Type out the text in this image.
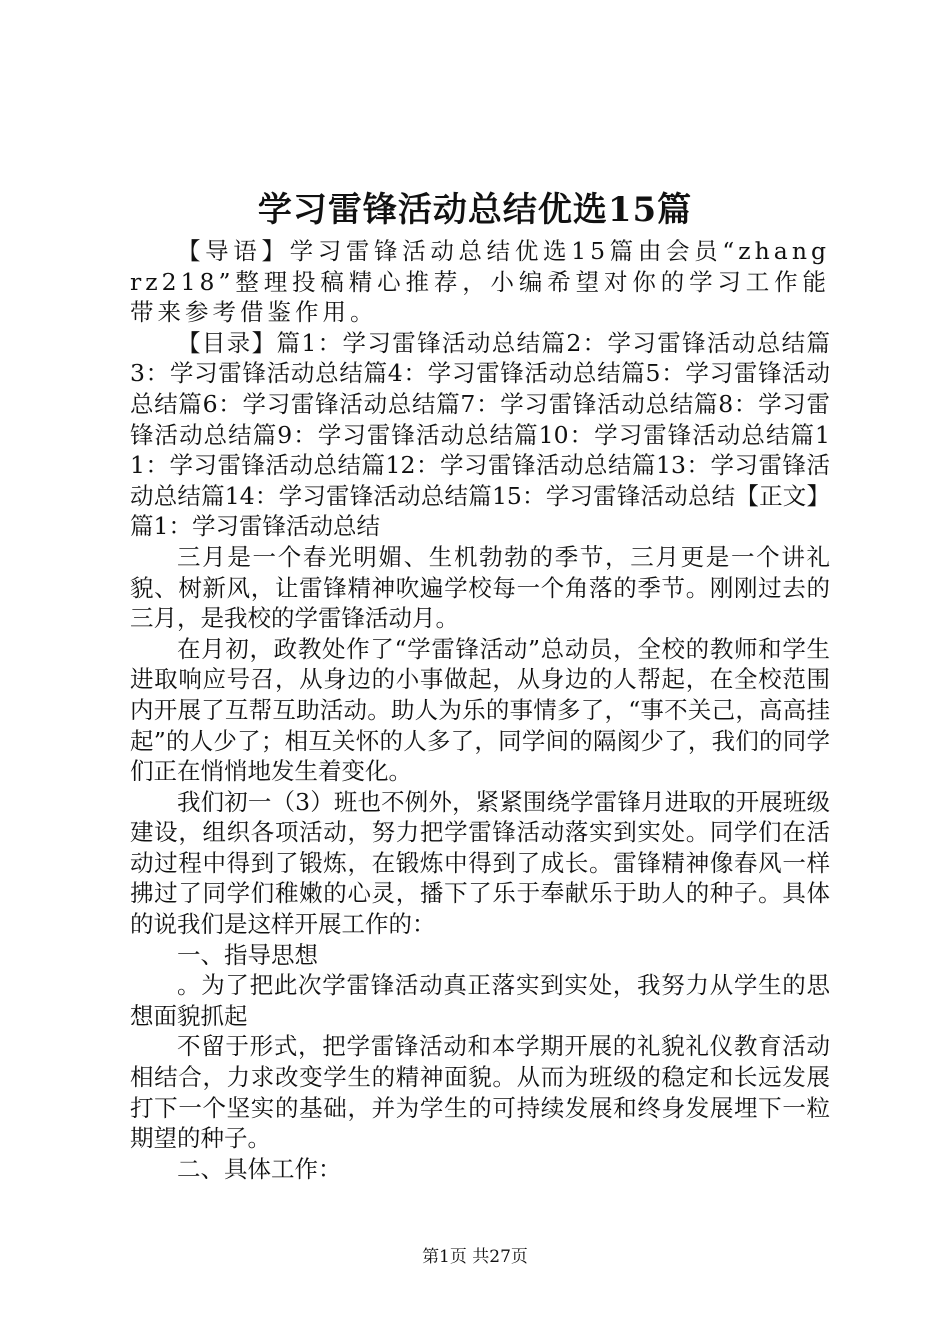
学习雷锋活动总结优选15篇

【导语】学习雷锋活动总结优选15篇由会员“zhangrz218”整理投稿精心推荐，小编希望对你的学习工作能带来参考借鉴作用。

【目录】篇1：学习雷锋活动总结篇2：学习雷锋活动总结篇3：学习雷锋活动总结篇4：学习雷锋活动总结篇5：学习雷锋活动总结篇6：学习雷锋活动总结篇7：学习雷锋活动总结篇8：学习雷锋活动总结篇9：学习雷锋活动总结篇10：学习雷锋活动总结篇11：学习雷锋活动总结篇12：学习雷锋活动总结篇13：学习雷锋活动总结篇14：学习雷锋活动总结篇15：学习雷锋活动总结【正文】篇1：学习雷锋活动总结

三月是一个春光明媚、生机勃勃的季节，三月更是一个讲礼貌、树新风，让雷锋精神吹遍学校每一个角落的季节。刚刚过去的三月，是我校的学雷锋活动月。

在月初，政教处作了“学雷锋活动”总动员，全校的教师和学生进取响应号召，从身边的小事做起，从身边的人帮起，在全校范围内开展了互帮互助活动。助人为乐的事情多了，“事不关己，高高挂起”的人少了；相互关怀的人多了，同学间的隔阂少了，我们的同学们正在悄悄地发生着变化。

我们初一（3）班也不例外，紧紧围绕学雷锋月进取的开展班级建设，组织各项活动，努力把学雷锋活动落实到实处。同学们在活动过程中得到了锻炼，在锻炼中得到了成长。雷锋精神像春风一样拂过了同学们稚嫩的心灵，播下了乐于奉献乐于助人的种子。具体的说我们是这样开展工作的：

一、指导思想

。为了把此次学雷锋活动真正落实到实处，我努力从学生的思想面貌抓起

不留于形式，把学雷锋活动和本学期开展的礼貌礼仪教育活动相结合，力求改变学生的精神面貌。从而为班级的稳定和长远发展打下一个坚实的基础，并为学生的可持续发展和终身发展埋下一粒期望的种子。

二、具体工作：

第1页 共27页
